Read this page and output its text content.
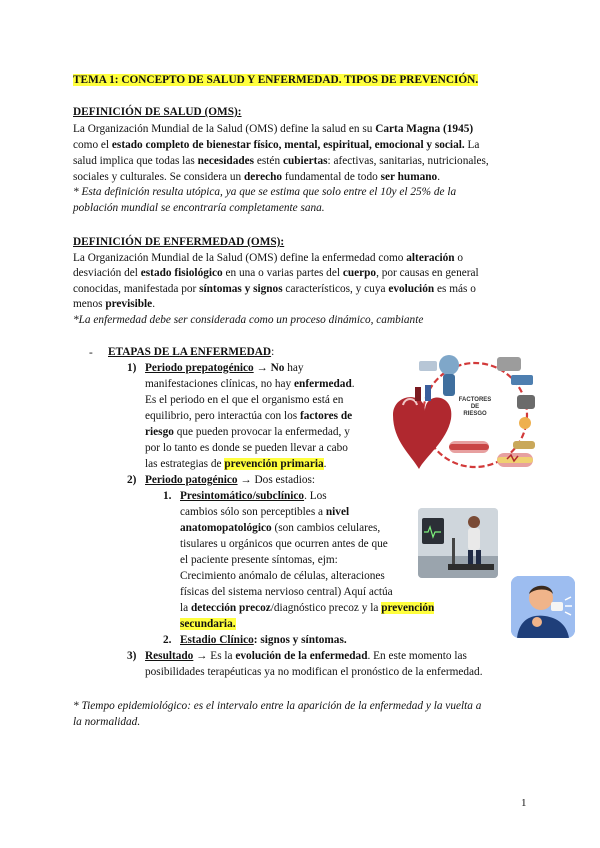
TEMA 1: CONCEPTO DE SALUD Y ENFERMEDAD. TIPOS DE PREVENCIÓN.
DEFINICIÓN DE SALUD (OMS):
La Organización Mundial de la Salud (OMS) define la salud en su Carta Magna (1945)
como el estado completo de bienestar físico, mental, espiritual, emocional y social. La
salud implica que todas las necesidades estén cubiertas: afectivas, sanitarias, nutricionales,
sociales y culturales. Se considera un derecho fundamental de todo ser humano.
* Esta definición resulta utópica, ya que se estima que solo entre el 10y el 25% de la
población mundial se encontraría completamente sana.
DEFINICIÓN DE ENFERMEDAD (OMS):
La Organización Mundial de la Salud (OMS) define la enfermedad como alteración o
desviación del estado fisiológico en una o varias partes del cuerpo, por causas en general
conocidas, manifestada por síntomas y signos característicos, y cuya evolución es más o
menos previsible.
*La enfermedad debe ser considerada como un proceso dinámico, cambiante
- ETAPAS DE LA ENFERMEDAD:
1) Periodo prepatogénico → No hay
manifestaciones clínicas, no hay enfermedad.
Es el periodo en el que el organismo está en
equilibrio, pero interactúa con los factores de
riesgo que pueden provocar la enfermedad, y
por lo tanto es donde se pueden llevar a cabo
las estrategias de prevención primaria.
2) Periodo patogénico → Dos estadios:
1. Presintomático/subclínico. Los
cambios sólo son perceptibles a nivel
anatomopatológico (son cambios celulares,
tisulares u orgánicos que ocurren antes de que
el paciente presente síntomas, ejm:
Crecimiento anómalo de células, alteraciones
físicas del sistema nervioso central) Aquí actúa
la detección precoz/diagnóstico precoz y la prevención
secundaria.
2. Estadio Clínico: signos y síntomas.
3) Resultado → Es la evolución de la enfermedad. En este momento las
posibilidades terapéuticas ya no modifican el pronóstico de la enfermedad.
* Tiempo epidemiológico: es el intervalo entre la aparición de la enfermedad y la vuelta a
la normalidad.
FACTORES
DE
RIESGO
1
